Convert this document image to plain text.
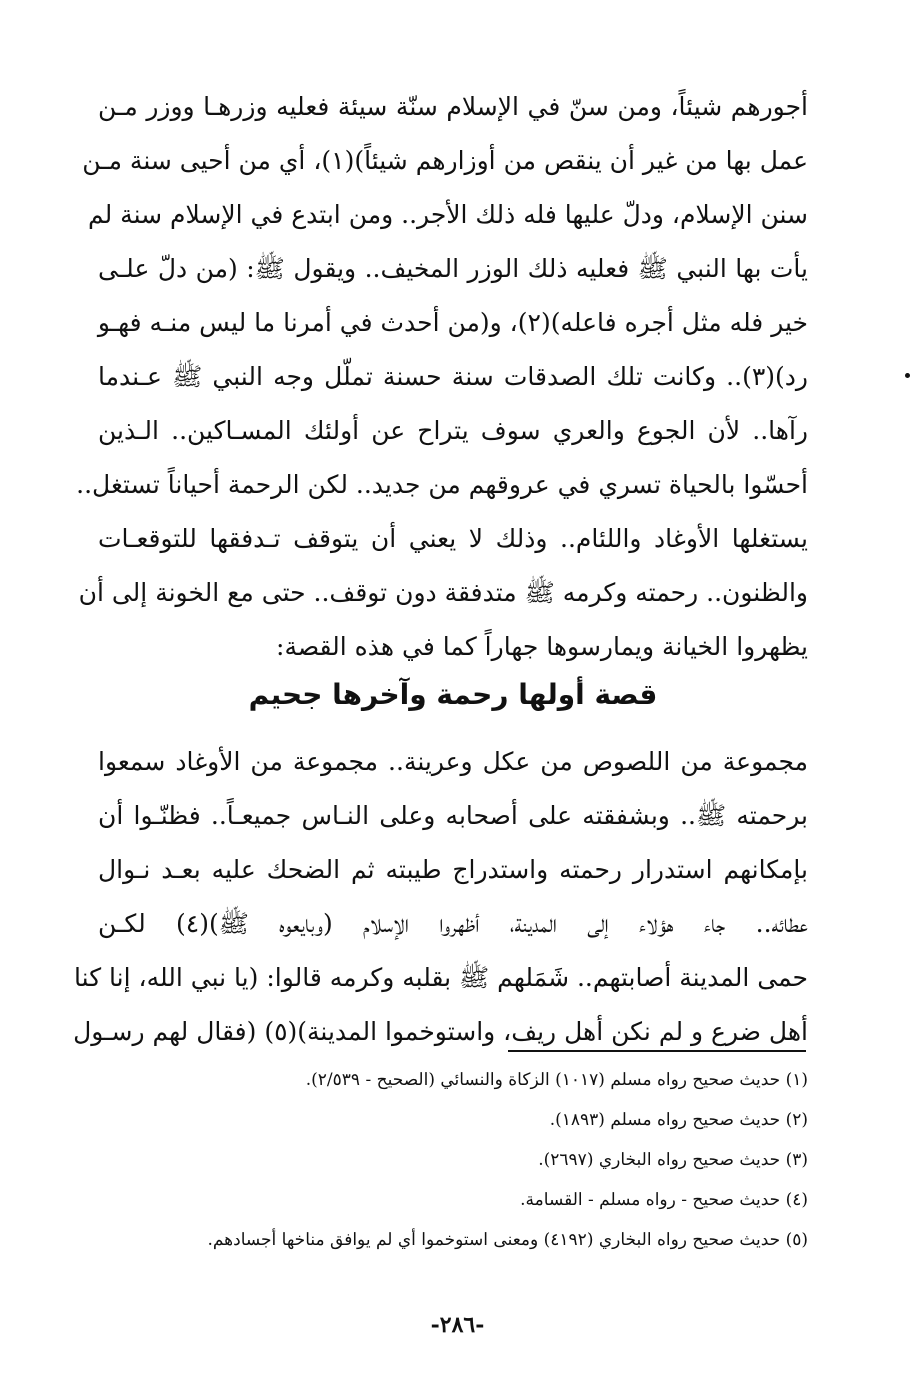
أجورهم شيئاً، ومن سنّ في الإسلام سنّة سيئة فعليه وزرهـا ووزر مـن
عمل بها من غير أن ينقص من أوزارهم شيئاً)(١)، أي من أحيى سنة مـن
سنن الإسلام، ودلّ عليها فله ذلك الأجر.. ومن ابتدع في الإسلام سنة لم
يأت بها النبي ﷺ فعليه ذلك الوزر المخيف.. ويقول ﷺ: (من دلّ علـى
خير فله مثل أجره فاعله)(٢)، و(من أحدث في أمرنا ما ليس منـه فهـو
رد)(٣).. وكانت تلك الصدقات سنة حسنة تملّل وجه النبي ﷺ عـندما
رآها.. لأن الجوع والعري سوف يتراح عن أولئك المسـاكين.. الـذين
أحسّوا بالحياة تسري في عروقهم من جديد.. لكن الرحمة أحياناً تستغل..
يستغلها الأوغاد واللئام.. وذلك لا يعني أن يتوقف تـدفقها للتوقعـات
والظنون.. رحمته وكرمه ﷺ متدفقة دون توقف.. حتى مع الخونة إلى أن
يظهروا الخيانة ويمارسوها جهاراً كما في هذه القصة:
قصة أولها رحمة وآخرها جحيم
مجموعة من اللصوص من عكل وعرينة.. مجموعة من الأوغاد سمعوا
برحمته ﷺ.. وبشفقته على أصحابه وعلى النـاس جميعـاً.. فظنّـوا أن
بإمكانهم استدرار رحمته واستدراج طيبته ثم الضحك عليه بعـد نـوال
عطائه.. جاء هؤلاء إلى المدينة، أظهروا الإسلام (وبايعوه ﷺ)(٤) لكـن
حمى المدينة أصابتهم.. شَمَلهم ﷺ بقلبه وكرمه قالوا: (يا نبي الله، إنا كنا
أهل ضرع و لم نكن أهل ريف، واستوخموا المدينة)(٥) (فقال لهم رسـول
(١) حديث صحيح رواه مسلم (١٠١٧) الزكاة والنسائي (الصحيح - ٢/٥٣٩).
(٢) حديث صحيح رواه مسلم (١٨٩٣).
(٣) حديث صحيح رواه البخاري (٢٦٩٧).
(٤) حديث صحيح - رواه مسلم - القسامة.
(٥) حديث صحيح رواه البخاري (٤١٩٢) ومعنى استوخموا أي لم يوافق مناخها أجسادهم.
-٢٨٦-
